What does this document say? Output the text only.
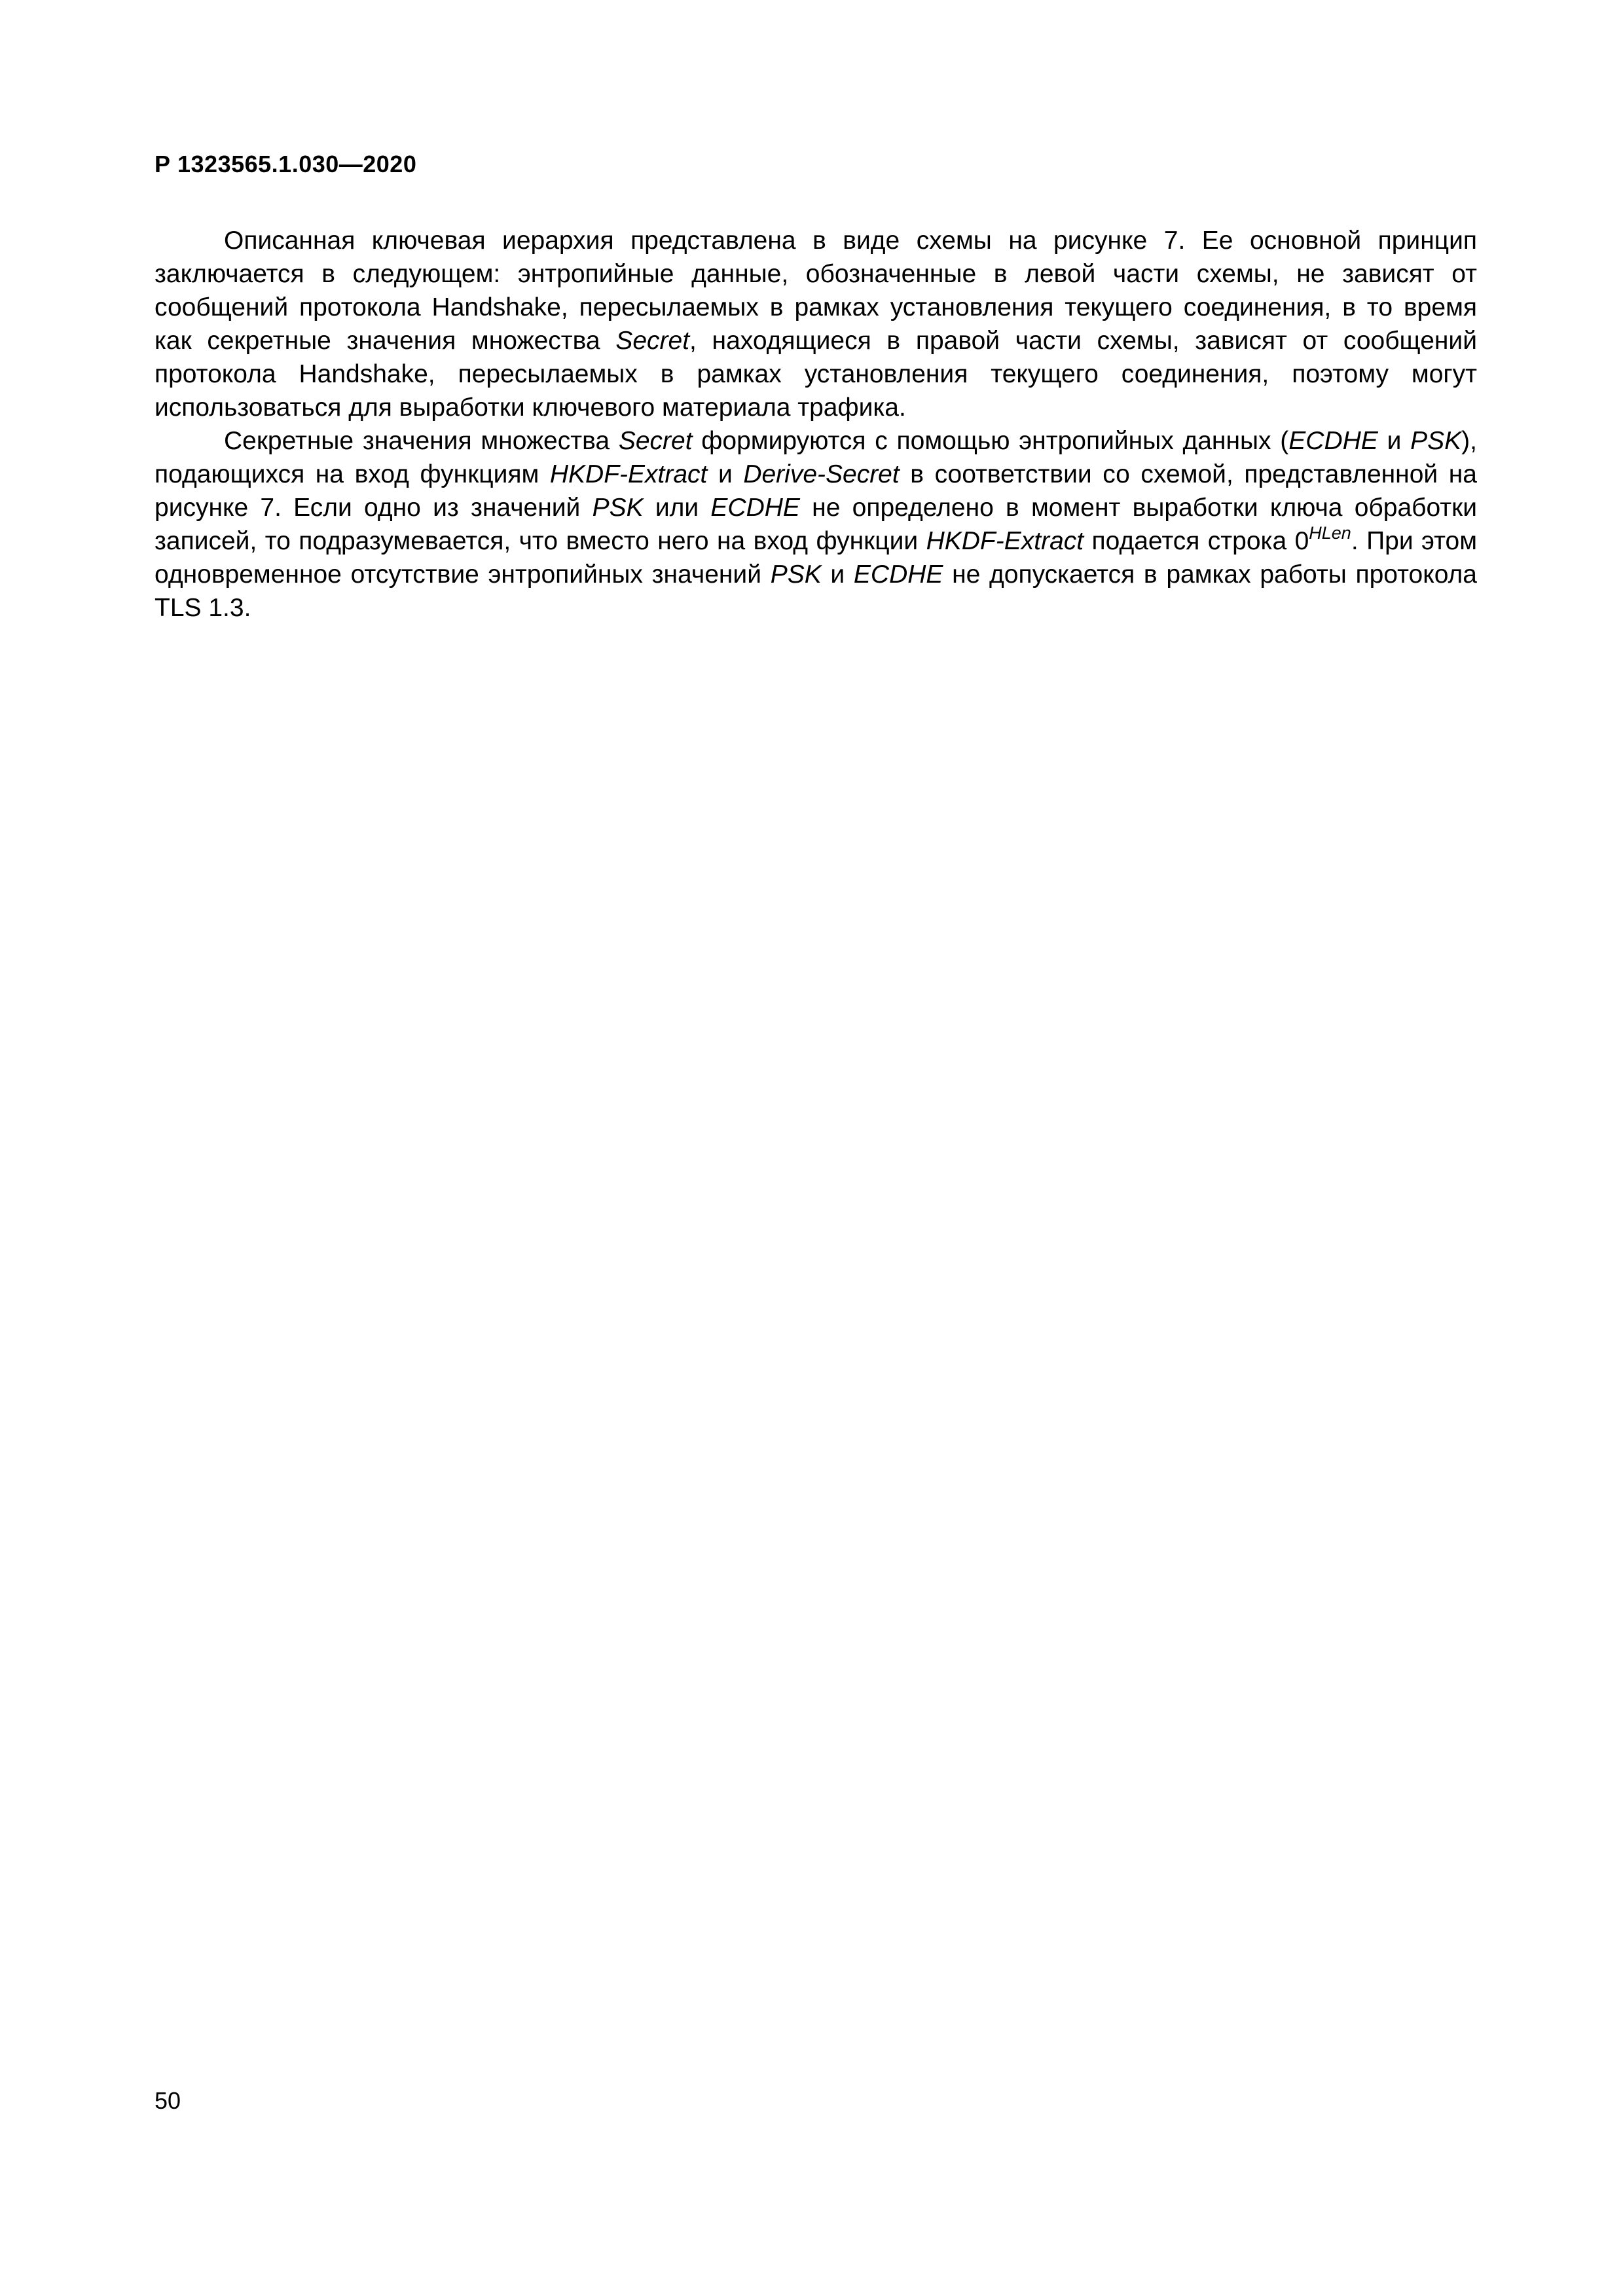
Р 1323565.1.030—2020

Описанная ключевая иерархия представлена в виде схемы на рисунке 7. Ее основной принцип заключается в следующем: энтропийные данные, обозначенные в левой части схемы, не зависят от сообщений протокола Handshake, пересылаемых в рамках установления текущего соединения, в то время как секретные значения множества Secret, находящиеся в правой части схемы, зависят от сообщений протокола Handshake, пересылаемых в рамках установления текущего соединения, поэтому могут использоваться для выработки ключевого материала трафика.

Секретные значения множества Secret формируются с помощью энтропийных данных (ECDHE и PSK), подающихся на вход функциям HKDF-Extract и Derive-Secret в соответствии со схемой, представленной на рисунке 7. Если одно из значений PSK или ECDHE не определено в момент выработки ключа обработки записей, то подразумевается, что вместо него на вход функции HKDF-Extract подается строка $0^{HLen}$. При этом одновременное отсутствие энтропийных значений PSK и ECDHE не допускается в рамках работы протокола TLS 1.3.

50
